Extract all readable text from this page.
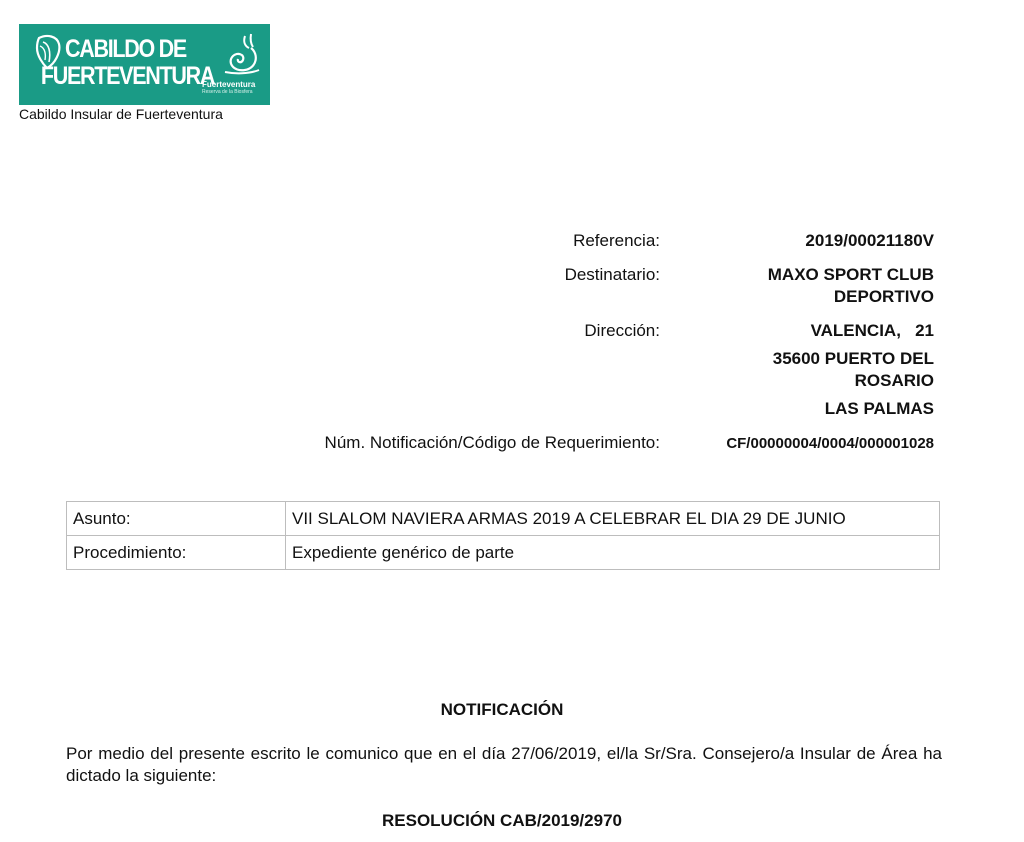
CABILDO DE
FUERTEVENTURA
Fuerteventura
Reserva de la Biosfera
Cabildo Insular de Fuerteventura
Referencia:	2019/00021180V
Destinatario:	MAXO SPORT CLUB
DEPORTIVO
Dirección:	VALENCIA,   21
35600 PUERTO DEL
ROSARIO
LAS PALMAS
Núm. Notificación/Código de Requerimiento:	CF/00000004/0004/000001028
Asunto:	VII SLALOM NAVIERA ARMAS 2019 A CELEBRAR EL DIA 29 DE JUNIO
Procedimiento:	Expediente genérico de parte
NOTIFICACIÓN
Por medio del presente escrito le comunico que en el día 27/06/2019, el/la Sr/Sra. Consejero/a Insular de Área ha dictado la siguiente:
RESOLUCIÓN CAB/2019/2970
